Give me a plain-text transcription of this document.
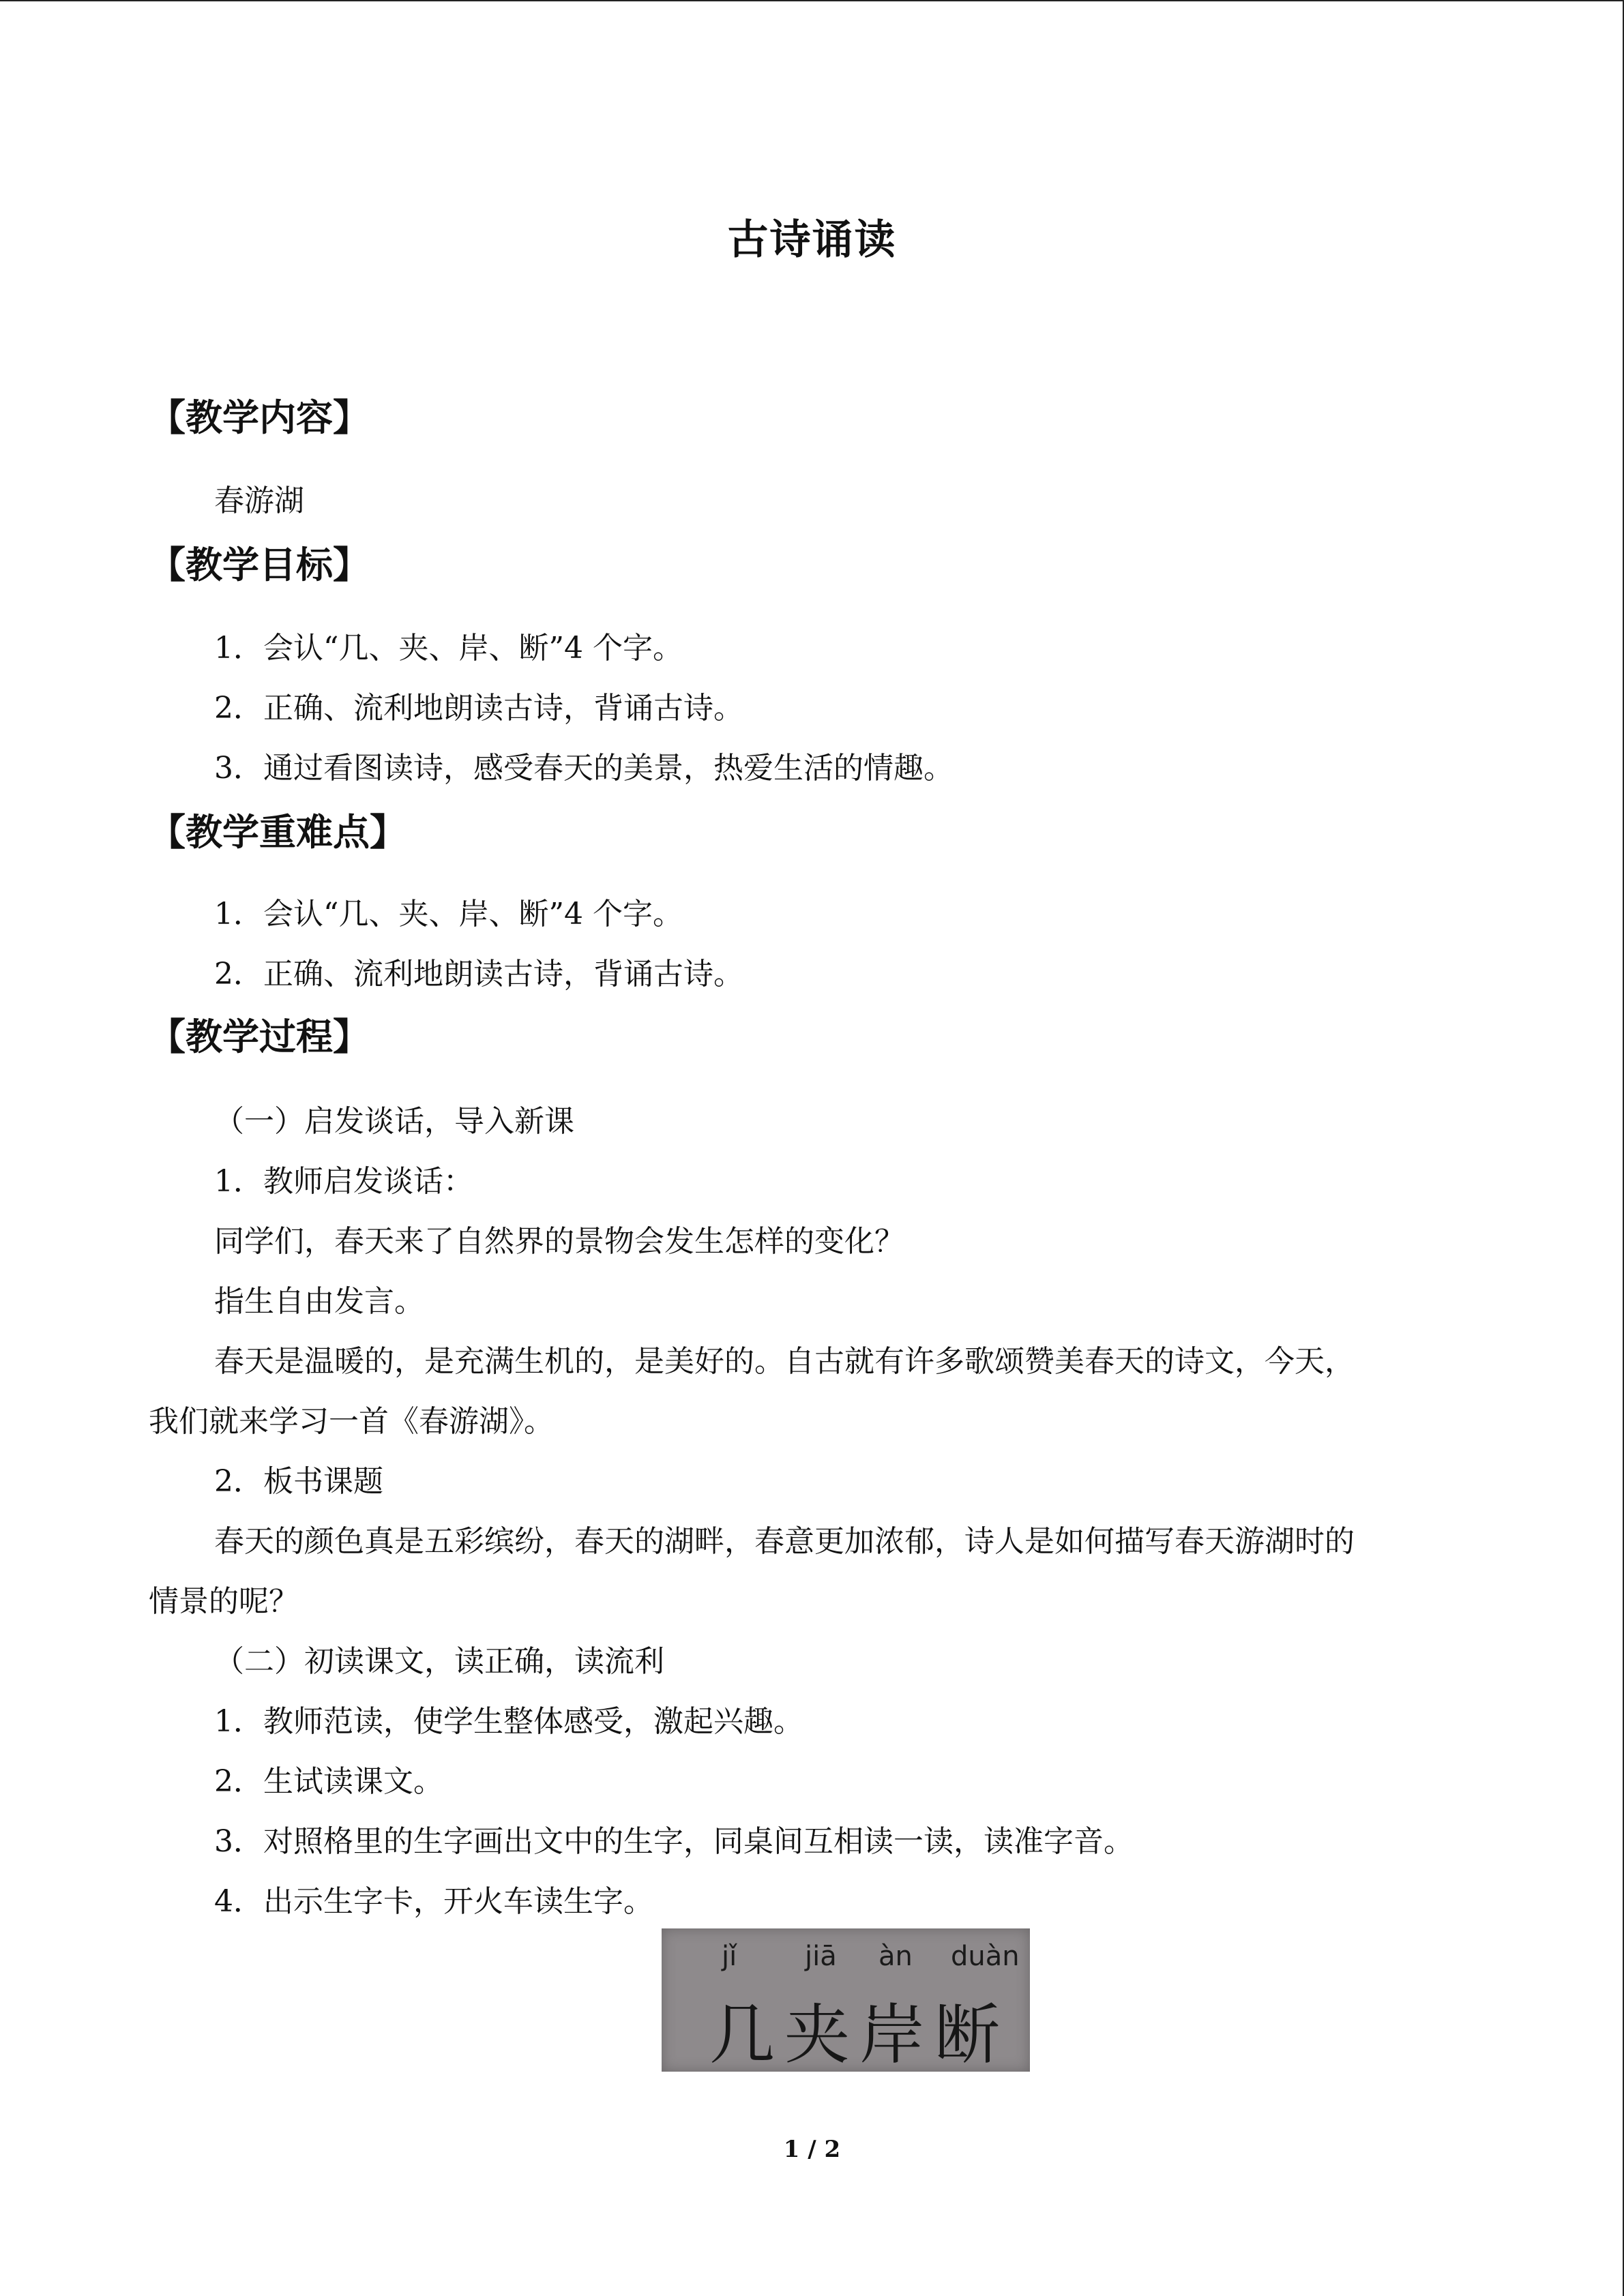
古诗诵读
【教学内容】
春游湖
【教学目标】
1．会认“几、夹、岸、断”4 个字。
2．正确、流利地朗读古诗，背诵古诗。
3．通过看图读诗，感受春天的美景，热爱生活的情趣。
【教学重难点】
1．会认“几、夹、岸、断”4 个字。
2．正确、流利地朗读古诗，背诵古诗。
【教学过程】
（一）启发谈话，导入新课
1．教师启发谈话：
同学们，春天来了自然界的景物会发生怎样的变化？
指生自由发言。
春天是温暖的，是充满生机的，是美好的。自古就有许多歌颂赞美春天的诗文，今天，
我们就来学习一首《春游湖》。
2．板书课题
春天的颜色真是五彩缤纷，春天的湖畔，春意更加浓郁，诗人是如何描写春天游湖时的
情景的呢？
（二）初读课文，读正确，读流利
1．教师范读，使学生整体感受，激起兴趣。
2．生试读课文。
3．对照格里的生字画出文中的生字，同桌间互相读一读，读准字音。
4．出示生字卡，开火车读生字。
jǐ jiā àn duàn
几 夹 岸 断
1 / 2
